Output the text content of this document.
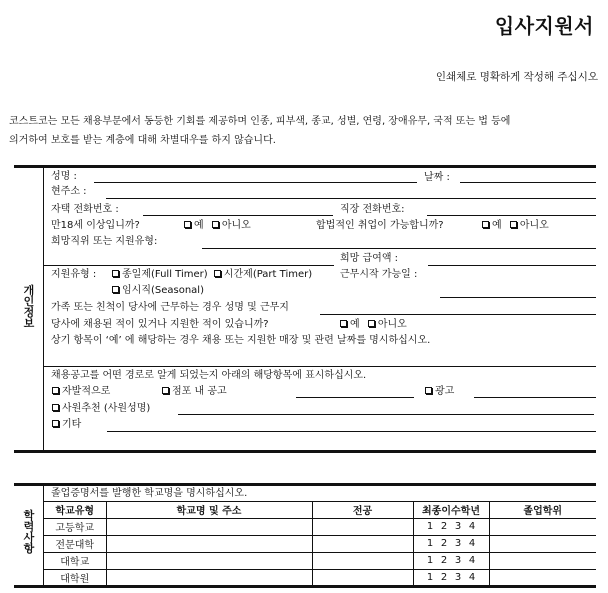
입사지원서
인쇄체로 명확하게 작성해 주십시오
코스트코는 모든 채용부문에서 동등한 기회를 제공하며 인종, 피부색, 종교, 성별, 연령, 장애유무, 국적 또는 법 등에
의거하여 보호를 받는 계층에 대해 차별대우를 하지 않습니다.
개인정보
성명 :	날짜 :
현주소 :
자택 전화번호 :	직장 전화번호:
만18세 이상입니까?	예 아니오	합법적인 취업이 가능합니까?	예 아니오
희망직위 또는 지원유형:
희망 급여액 :
지원유형 :	종일제(Full Timer) 시간제(Part Timer)	근무시작 가능일 :
임시직(Seasonal)
가족 또는 친척이 당사에 근무하는 경우 성명 및 근무지
당사에 채용된 적이 있거나 지원한 적이 있습니까?	예 아니오
상기 항목이 ‘예’ 에 해당하는 경우 채용 또는 지원한 매장 및 관련 날짜를 명시하십시오.
채용공고를 어떤 경로로 알게 되었는지 아래의 해당항목에 표시하십시오.
자발적으로	점포 내 공고	광고
사원추천 (사원성명)
기타
학력사항
졸업증명서를 발행한 학교명을 명시하십시오.
학교유형	학교명 및 주소	전공	최종이수학년	졸업학위
고등학교			1 2 3 4	
전문대학			1 2 3 4	
대학교			1 2 3 4	
대학원			1 2 3 4	
